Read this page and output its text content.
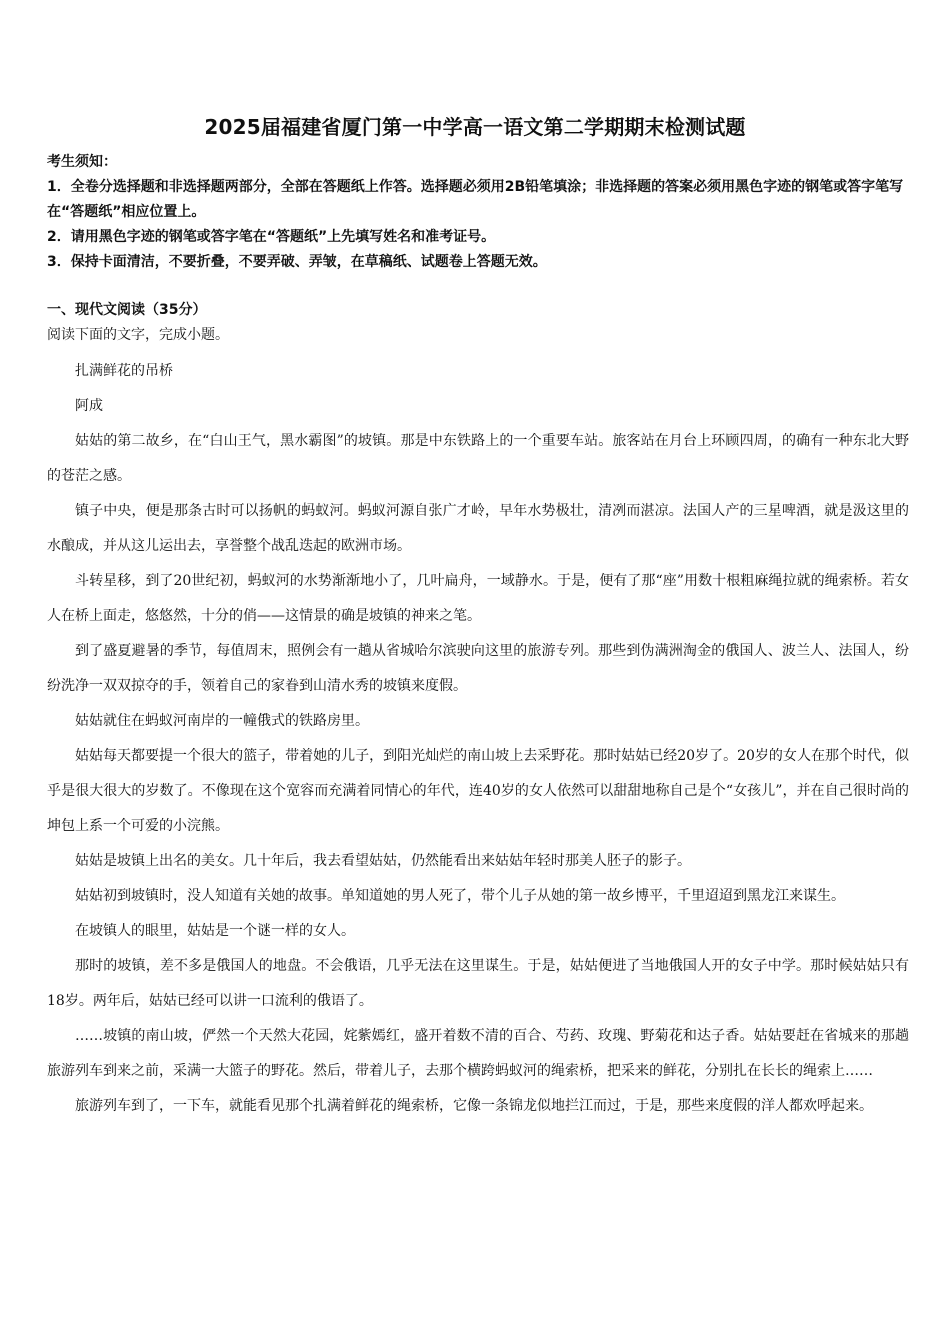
2025届福建省厦门第一中学高一语文第二学期期末检测试题

考生须知：

1．全卷分选择题和非选择题两部分，全部在答题纸上作答。选择题必须用2B铅笔填涂；非选择题的答案必须用黑色字迹的钢笔或答字笔写在“答题纸”相应位置上。

2．请用黑色字迹的钢笔或答字笔在“答题纸”上先填写姓名和准考证号。

3．保持卡面清洁，不要折叠，不要弄破、弄皱，在草稿纸、试题卷上答题无效。

一、现代文阅读（35分）
阅读下面的文字，完成小题。

扎满鲜花的吊桥

阿成

姑姑的第二故乡，在“白山王气，黑水霸图”的坡镇。那是中东铁路上的一个重要车站。旅客站在月台上环顾四周，的确有一种东北大野的苍茫之感。

镇子中央，便是那条古时可以扬帆的蚂蚁河。蚂蚁河源自张广才岭，早年水势极壮，清冽而湛凉。法国人产的三星啤酒，就是汲这里的水酿成，并从这儿运出去，享誉整个战乱迭起的欧洲市场。

斗转星移，到了20世纪初，蚂蚁河的水势渐渐地小了，几叶扁舟，一域静水。于是，便有了那“座”用数十根粗麻绳拉就的绳索桥。若女人在桥上面走，悠悠然，十分的俏——这情景的确是坡镇的神来之笔。

到了盛夏避暑的季节，每值周末，照例会有一趟从省城哈尔滨驶向这里的旅游专列。那些到伪满洲淘金的俄国人、波兰人、法国人，纷纷洗净一双双掠夺的手，领着自己的家眷到山清水秀的坡镇来度假。

姑姑就住在蚂蚁河南岸的一幢俄式的铁路房里。

姑姑每天都要提一个很大的篮子，带着她的儿子，到阳光灿烂的南山坡上去采野花。那时姑姑已经20岁了。20岁的女人在那个时代，似乎是很大很大的岁数了。不像现在这个宽容而充满着同情心的年代，连40岁的女人依然可以甜甜地称自己是个“女孩儿”，并在自己很时尚的坤包上系一个可爱的小浣熊。

姑姑是坡镇上出名的美女。几十年后，我去看望姑姑，仍然能看出来姑姑年轻时那美人胚子的影子。

姑姑初到坡镇时，没人知道有关她的故事。单知道她的男人死了，带个儿子从她的第一故乡博平，千里迢迢到黑龙江来谋生。

在坡镇人的眼里，姑姑是一个谜一样的女人。

那时的坡镇，差不多是俄国人的地盘。不会俄语，几乎无法在这里谋生。于是，姑姑便进了当地俄国人开的女子中学。那时候姑姑只有18岁。两年后，姑姑已经可以讲一口流利的俄语了。

……坡镇的南山坡，俨然一个天然大花园，姹紫嫣红，盛开着数不清的百合、芍药、玫瑰、野菊花和达子香。姑姑要赶在省城来的那趟旅游列车到来之前，采满一大篮子的野花。然后，带着儿子，去那个横跨蚂蚁河的绳索桥，把采来的鲜花，分别扎在长长的绳索上……

旅游列车到了，一下车，就能看见那个扎满着鲜花的绳索桥，它像一条锦龙似地拦江而过，于是，那些来度假的洋人都欢呼起来。
